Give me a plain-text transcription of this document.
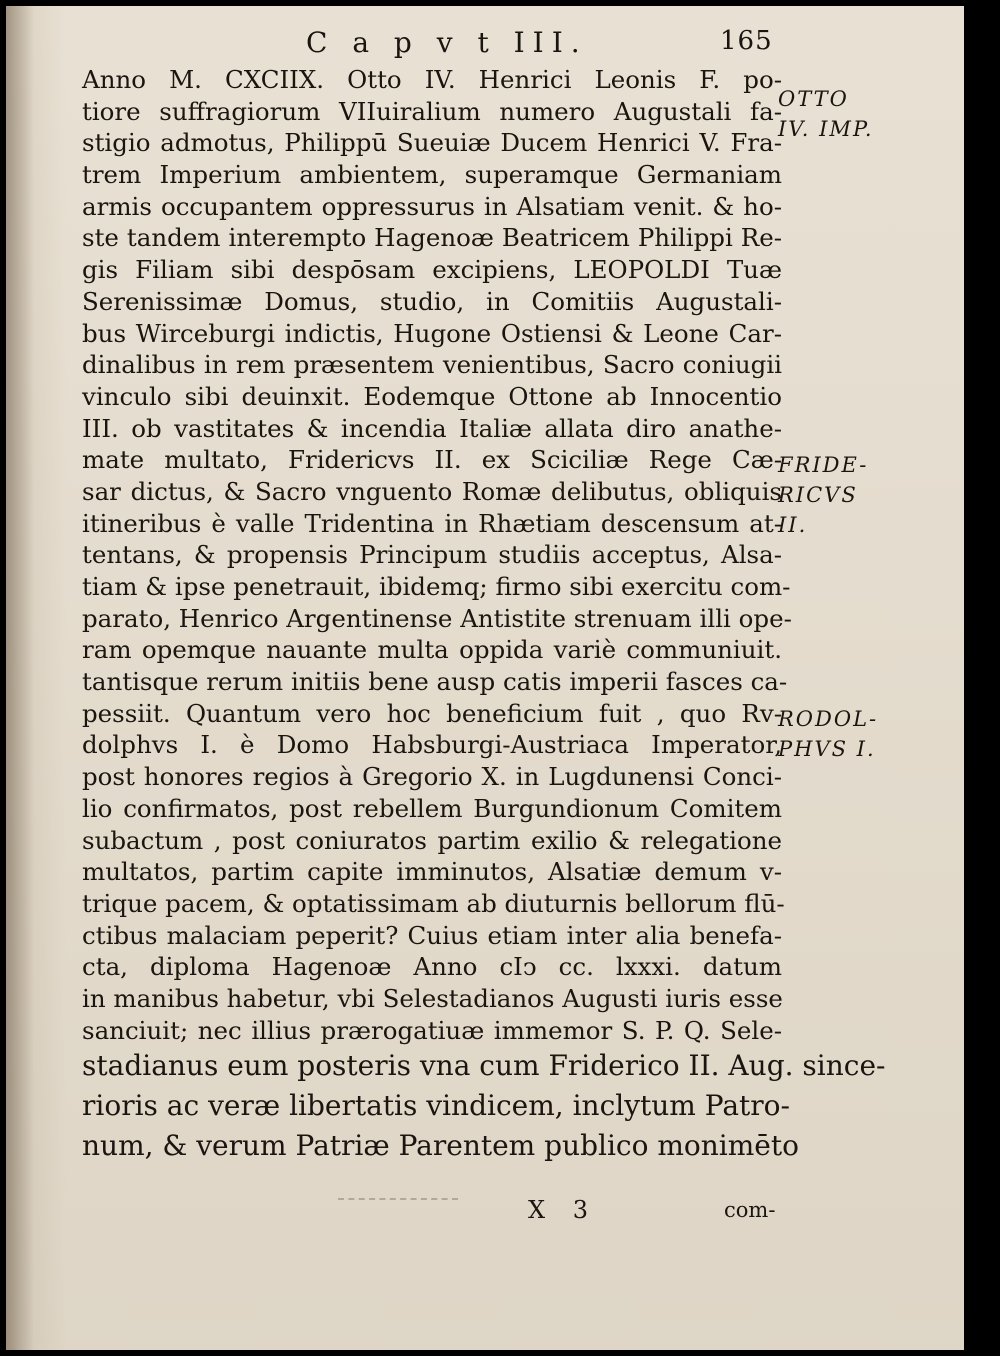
C a p v t III.	165
Anno M. CXCIIX. Otto IV. Henrici Leonis F. po-
tiore suffragiorum VIIuiralium numero Augustali fa-
stigio admotus, Philippū Sueuiæ Ducem Henrici V. Fra-
trem Imperium ambientem, superamque Germaniam
armis occupantem oppressurus in Alsatiam venit. & ho-
ste tandem interempto Hagenoæ Beatricem Philippi Re-
gis Filiam sibi despōsam excipiens, LEOPOLDI Tuæ
Serenissimæ Domus, studio, in Comitiis Augustali-
bus Wirceburgi indictis, Hugone Ostiensi & Leone Car-
dinalibus in rem præsentem venientibus, Sacro coniugii
vinculo sibi deuinxit. Eodemque Ottone ab Innocentio
III. ob vastitates & incendia Italiæ allata diro anathe-
mate multato, Fridericvs II. ex Sciciliæ Rege Cæ-
sar dictus, & Sacro vnguento Romæ delibutus, obliquis
itineribus è valle Tridentina in Rhætiam descensum at-
tentans, & propensis Principum studiis acceptus, Alsa-
tiam & ipse penetrauit, ibidemq; firmo sibi exercitu com-
parato, Henrico Argentinense Antistite strenuam illi ope-
ram opemque nauante multa oppida variè communiuit.
tantisque rerum initiis bene ausp catis imperii fasces ca-
pessiit. Quantum vero hoc beneficium fuit , quo Rv-
dolphvs I. è Domo Habsburgi-Austriaca Imperator,
post honores regios à Gregorio X. in Lugdunensi Conci-
lio confirmatos, post rebellem Burgundionum Comitem
subactum , post coniuratos partim exilio & relegatione
multatos, partim capite imminutos, Alsatiæ demum v-
trique pacem, & optatissimam ab diuturnis bellorum flū-
ctibus malaciam peperit? Cuius etiam inter alia benefa-
cta, diploma Hagenoæ Anno cIↄ cc. lxxxi. datum
in manibus habetur, vbi Selestadianos Augusti iuris esse
sanciuit; nec illius prærogatiuæ immemor S. P. Q. Sele-
stadianus eum posteris vna cum Friderico II. Aug. since-
rioris ac veræ libertatis vindicem, inclytum Patro-
num, & verum Patriæ Parentem publico monimēto
OTTO
IV. IMP.
FRIDE-
RICVS II.
RODOL-
PHVS I.
X 3	com-
